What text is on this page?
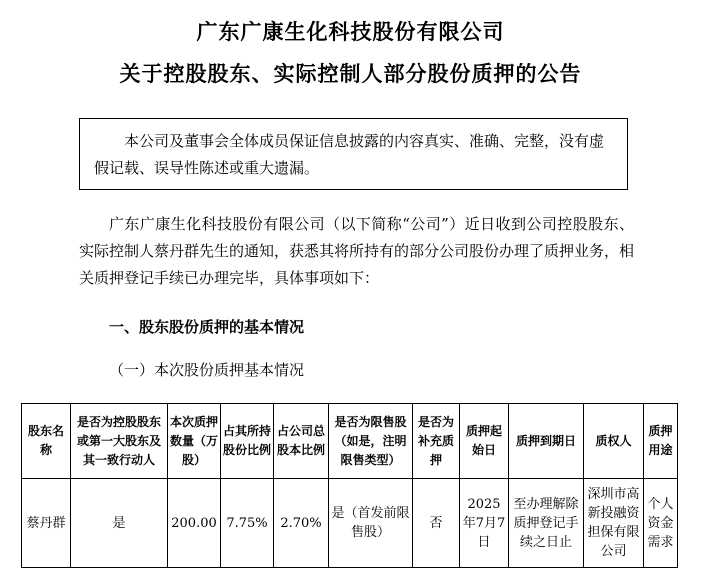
广东广康生化科技股份有限公司
关于控股股东、实际控制人部分股份质押的公告

本公司及董事会全体成员保证信息披露的内容真实、准确、完整，没有虚假记载、误导性陈述或重大遗漏。

广东广康生化科技股份有限公司（以下简称“公司”）近日收到公司控股股东、实际控制人蔡丹群先生的通知，获悉其将所持有的部分公司股份办理了质押业务，相关质押登记手续已办理完毕，具体事项如下：

一、股东股份质押的基本情况
（一）本次股份质押基本情况
股东名称	是否为控股股东或第一大股东及其一致行动人	本次质押数量（万股）	占其所持股份比例	占公司总股本比例	是否为限售股（如是，注明限售类型）	是否为补充质押	质押起始日	质押到期日	质权人	质押用途
蔡丹群	是	200.00	7.75%	2.70%	是（首发前限售股）	否	2025年7月7日	至办理解除质押登记手续之日止	深圳市高新投融资担保有限公司	个人资金需求
